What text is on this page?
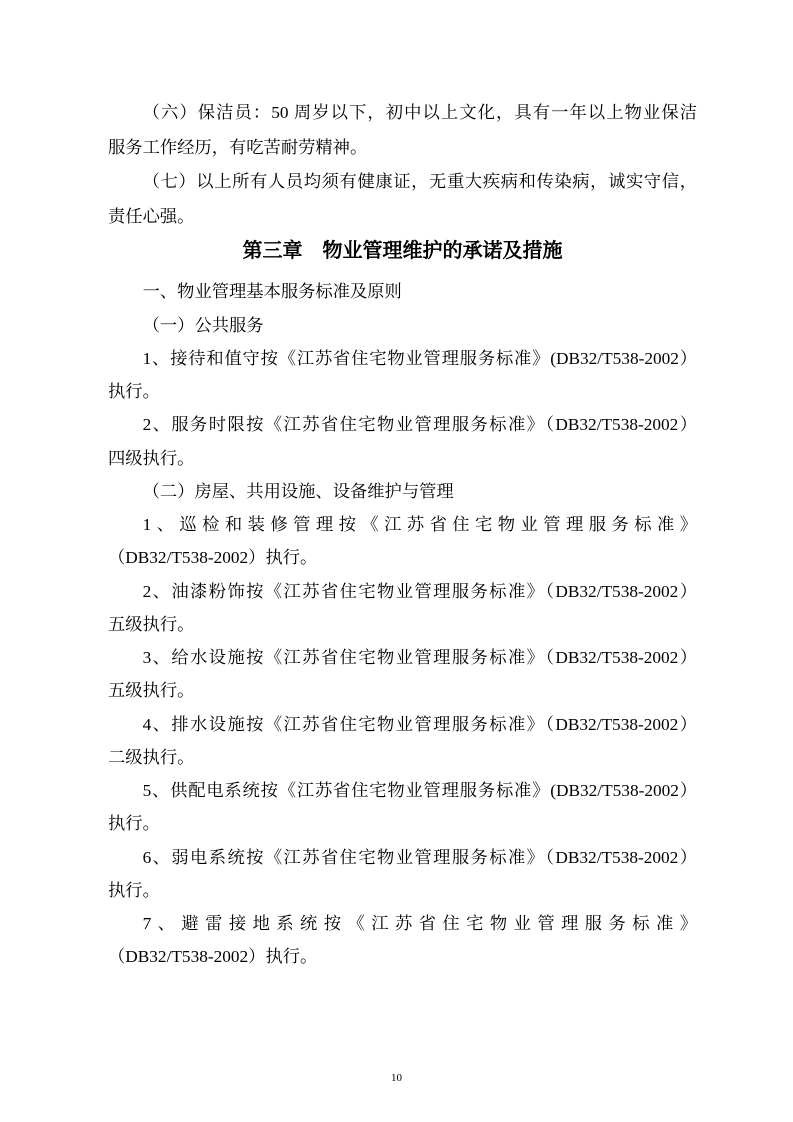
（六）保洁员：50 周岁以下，初中以上文化，具有一年以上物业保洁
服务工作经历，有吃苦耐劳精神。
（七）以上所有人员均须有健康证，无重大疾病和传染病，诚实守信，
责任心强。
第三章　物业管理维护的承诺及措施
一、物业管理基本服务标准及原则
（一）公共服务
1、接待和值守按《江苏省住宅物业管理服务标准》(DB32/T538-2002）
执行。
2、服务时限按《江苏省住宅物业管理服务标准》（DB32/T538-2002）
四级执行。
（二）房屋、共用设施、设备维护与管理
1、巡检和装修管理按《江苏省住宅物业管理服务标准》
（DB32/T538-2002）执行。
2、油漆粉饰按《江苏省住宅物业管理服务标准》（DB32/T538-2002）
五级执行。
3、给水设施按《江苏省住宅物业管理服务标准》（DB32/T538-2002）
五级执行。
4、排水设施按《江苏省住宅物业管理服务标准》（DB32/T538-2002）
二级执行。
5、供配电系统按《江苏省住宅物业管理服务标准》(DB32/T538-2002）
执行。
6、弱电系统按《江苏省住宅物业管理服务标准》（DB32/T538-2002）
执行。
7、避雷接地系统按《江苏省住宅物业管理服务标准》
（DB32/T538-2002）执行。
10
